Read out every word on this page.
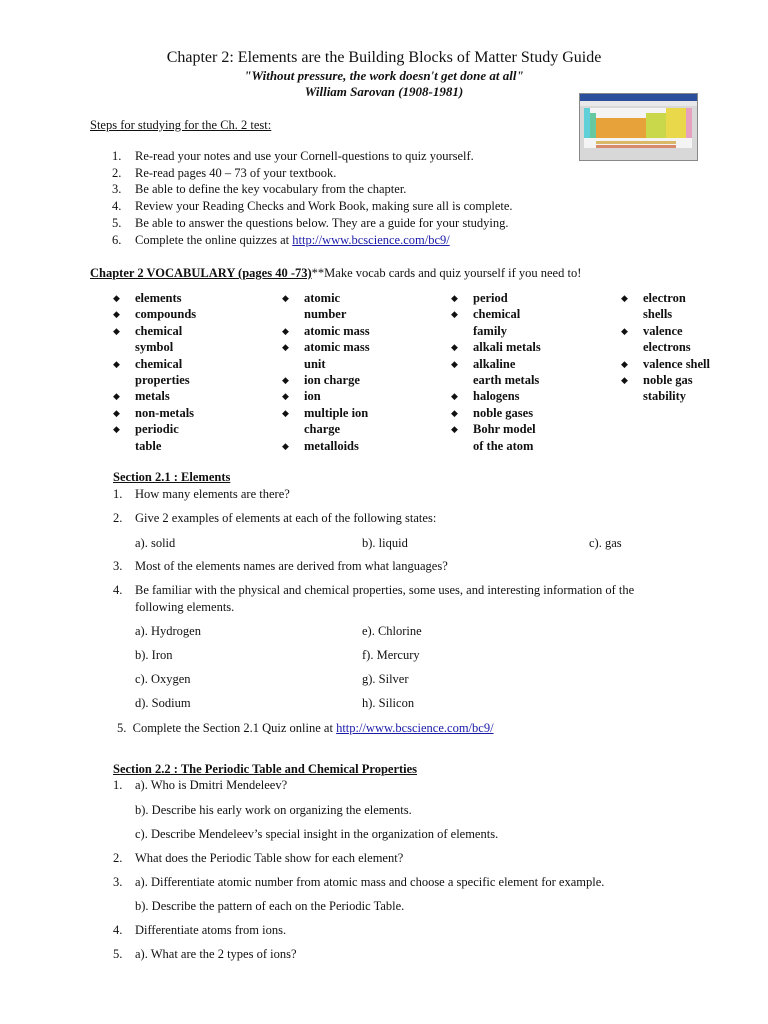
Chapter 2: Elements are the Building Blocks of Matter Study Guide
"Without pressure, the work doesn't get done at all"
William Sarovan (1908-1981)
Steps for studying for the Ch. 2 test:
1. Re-read your notes and use your Cornell-questions to quiz yourself.
2. Re-read pages 40 – 73 of your textbook.
3. Be able to define the key vocabulary from the chapter.
4. Review your Reading Checks and Work Book, making sure all is complete.
5. Be able to answer the questions below. They are a guide for your studying.
6. Complete the online quizzes at http://www.bcscience.com/bc9/
Chapter 2 VOCABULARY (pages 40 -73)**Make vocab cards and quiz yourself if you need to!
elements
◆
compounds
◆
chemical
◆
symbol
chemical
◆
properties
metals
◆
non-metals
◆
periodic
◆
table
atomic
◆
number
atomic mass
◆
atomic mass
◆
unit
ion charge
◆
ion
◆
multiple ion
◆
charge
metalloids
◆
period
◆
chemical
◆
family
alkali metals
◆
alkaline
◆
earth metals
halogens
◆
noble gases
◆
Bohr model
◆
of the atom
electron
◆
shells
valence
◆
electrons
valence shell
◆
noble gas
◆
stability
Section 2.1 : Elements
1. How many elements are there?
2. Give 2 examples of elements at each of the following states:
a). solid	b). liquid	c). gas
3. Most of the elements names are derived from what languages?
4. Be familiar with the physical and chemical properties, some uses, and interesting information of the
following elements.
a). Hydrogen
b). Iron
c). Oxygen
d). Sodium
e). Chlorine
f). Mercury
g). Silver
h). Silicon
5. Complete the Section 2.1 Quiz online at http://www.bcscience.com/bc9/
Section 2.2 : The Periodic Table and Chemical Properties
1. a). Who is Dmitri Mendeleev?
b). Describe his early work on organizing the elements.
c). Describe Mendeleev’s special insight in the organization of elements.
2. What does the Periodic Table show for each element?
3. a). Differentiate atomic number from atomic mass and choose a specific element for example.
b). Describe the pattern of each on the Periodic Table.
4. Differentiate atoms from ions.
5. a). What are the 2 types of ions?
